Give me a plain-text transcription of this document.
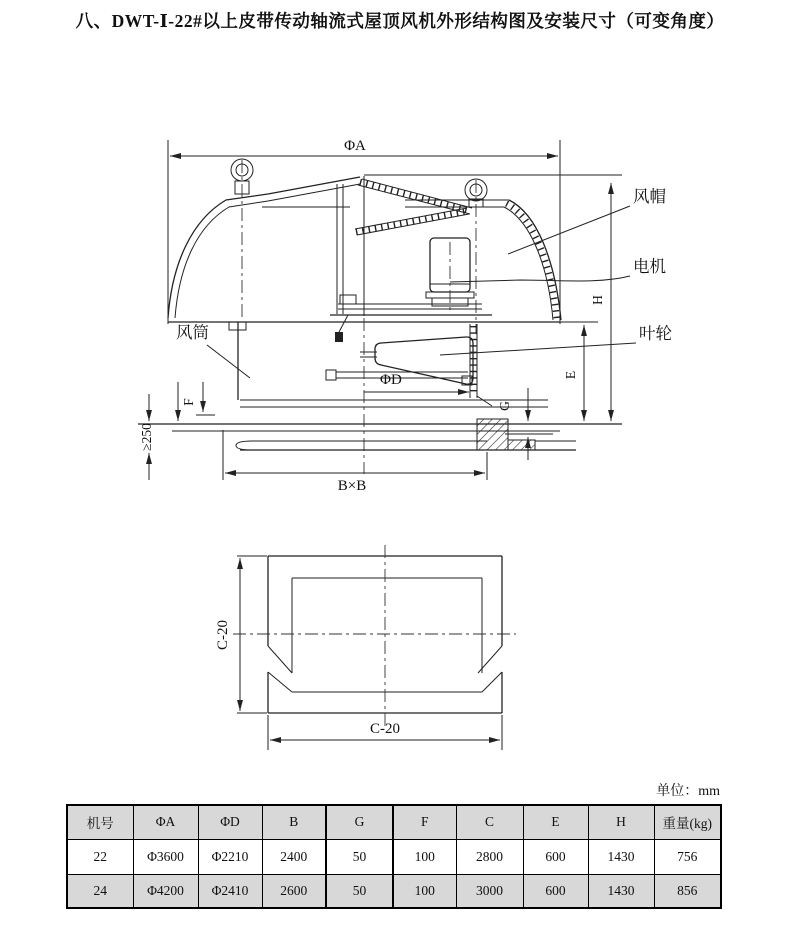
八、DWT-Ⅰ-22#以上皮带传动轴流式屋顶风机外形结构图及安装尺寸（可变角度）
ΦA
ΦD
B×B
≥250
F	G
E
H
风帽
电机
叶轮
风筒
C-20
C-20
单位：mm
机号	ΦA	ΦD	B	G	F	C	E	H	重量(kg)
22	Φ3600	Φ2210	2400	50	100	2800	600	1430	756
24	Φ4200	Φ2410	2600	50	100	3000	600	1430	856
